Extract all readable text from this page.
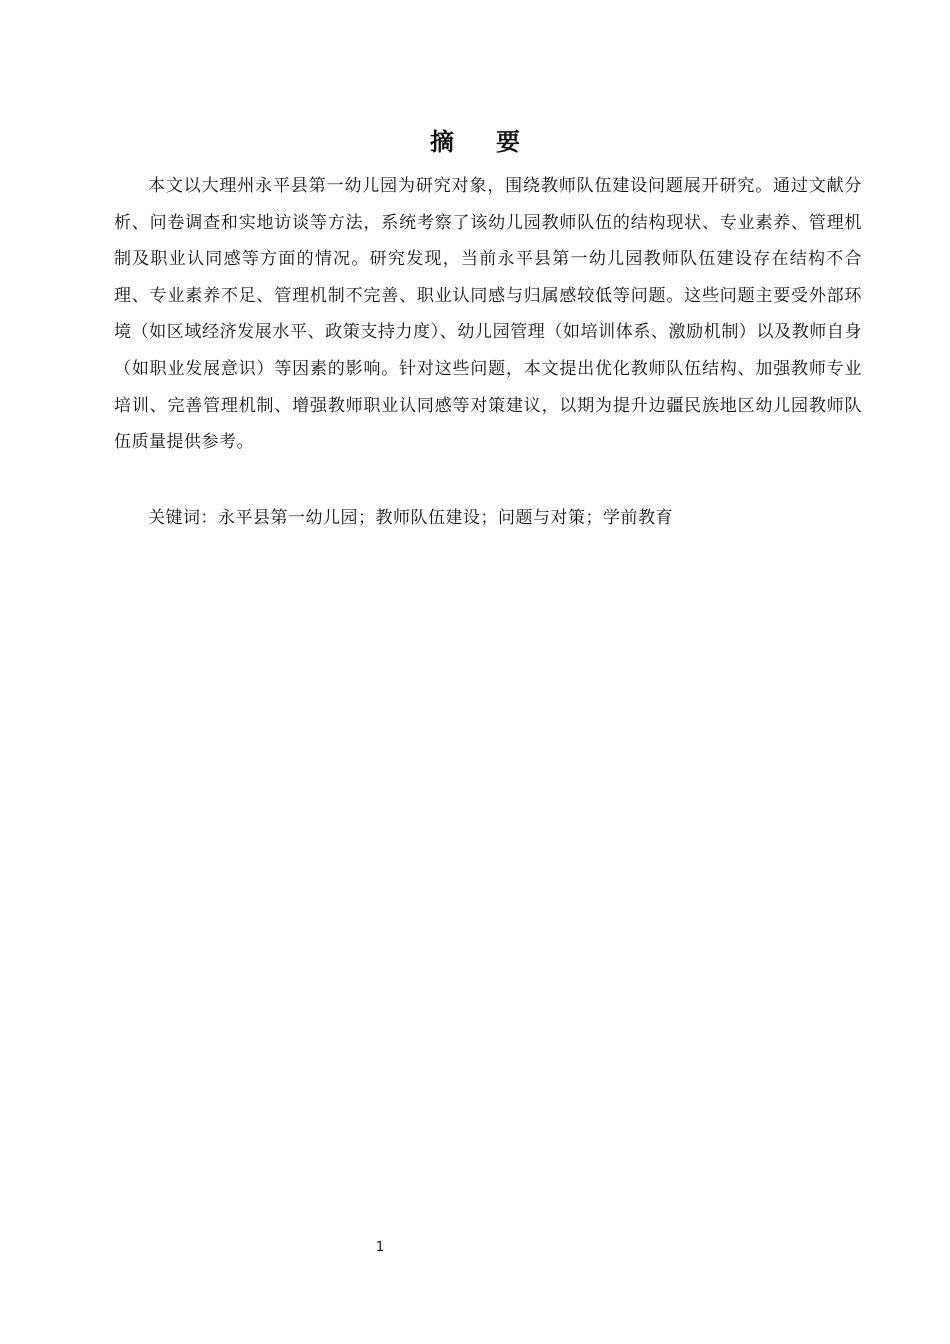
摘要

本文以大理州永平县第一幼儿园为研究对象，围绕教师队伍建设问题展开研究。通过文献分析、问卷调查和实地访谈等方法，系统考察了该幼儿园教师队伍的结构现状、专业素养、管理机制及职业认同感等方面的情况。研究发现，当前永平县第一幼儿园教师队伍建设存在结构不合理、专业素养不足、管理机制不完善、职业认同感与归属感较低等问题。这些问题主要受外部环境（如区域经济发展水平、政策支持力度）、幼儿园管理（如培训体系、激励机制）以及教师自身（如职业发展意识）等因素的影响。针对这些问题，本文提出优化教师队伍结构、加强教师专业培训、完善管理机制、增强教师职业认同感等对策建议，以期为提升边疆民族地区幼儿园教师队伍质量提供参考。

关键词：永平县第一幼儿园；教师队伍建设；问题与对策；学前教育
1
